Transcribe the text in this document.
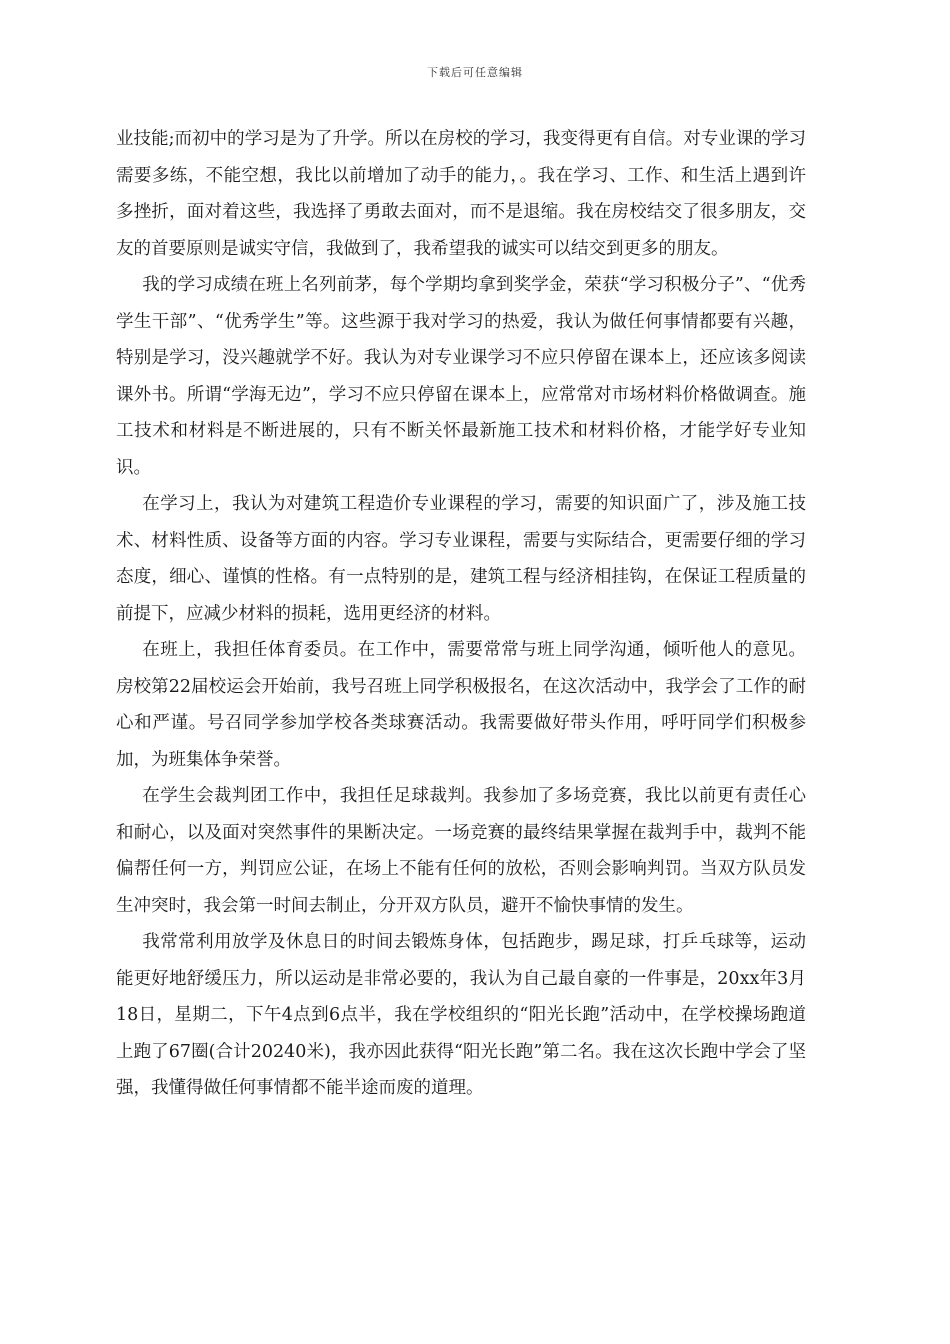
下载后可任意编辑

业技能;而初中的学习是为了升学。所以在房校的学习，我变得更有自信。对专业课的学习需要多练，不能空想，我比以前增加了动手的能力，。我在学习、工作、和生活上遇到许多挫折，面对着这些，我选择了勇敢去面对，而不是退缩。我在房校结交了很多朋友，交友的首要原则是诚实守信，我做到了，我希望我的诚实可以结交到更多的朋友。

我的学习成绩在班上名列前茅，每个学期均拿到奖学金，荣获“学习积极分子”、“优秀学生干部”、“优秀学生”等。这些源于我对学习的热爱，我认为做任何事情都要有兴趣，特别是学习，没兴趣就学不好。我认为对专业课学习不应只停留在课本上，还应该多阅读课外书。所谓“学海无边”，学习不应只停留在课本上，应常常对市场材料价格做调查。施工技术和材料是不断进展的，只有不断关怀最新施工技术和材料价格，才能学好专业知识。

在学习上，我认为对建筑工程造价专业课程的学习，需要的知识面广了，涉及施工技术、材料性质、设备等方面的内容。学习专业课程，需要与实际结合，更需要仔细的学习态度，细心、谨慎的性格。有一点特别的是，建筑工程与经济相挂钩，在保证工程质量的前提下，应减少材料的损耗，选用更经济的材料。

在班上，我担任体育委员。在工作中，需要常常与班上同学沟通，倾听他人的意见。房校第22届校运会开始前，我号召班上同学积极报名，在这次活动中，我学会了工作的耐心和严谨。号召同学参加学校各类球赛活动。我需要做好带头作用，呼吁同学们积极参加，为班集体争荣誉。

在学生会裁判团工作中，我担任足球裁判。我参加了多场竞赛，我比以前更有责任心和耐心，以及面对突然事件的果断决定。一场竞赛的最终结果掌握在裁判手中，裁判不能偏帮任何一方，判罚应公证，在场上不能有任何的放松，否则会影响判罚。当双方队员发生冲突时，我会第一时间去制止，分开双方队员，避开不愉快事情的发生。

我常常利用放学及休息日的时间去锻炼身体，包括跑步，踢足球，打乒乓球等，运动能更好地舒缓压力，所以运动是非常必要的，我认为自己最自豪的一件事是，20xx年3月18日，星期二，下午4点到6点半，我在学校组织的“阳光长跑”活动中，在学校操场跑道上跑了67圈(合计20240米)，我亦因此获得“阳光长跑”第二名。我在这次长跑中学会了坚强，我懂得做任何事情都不能半途而废的道理。
